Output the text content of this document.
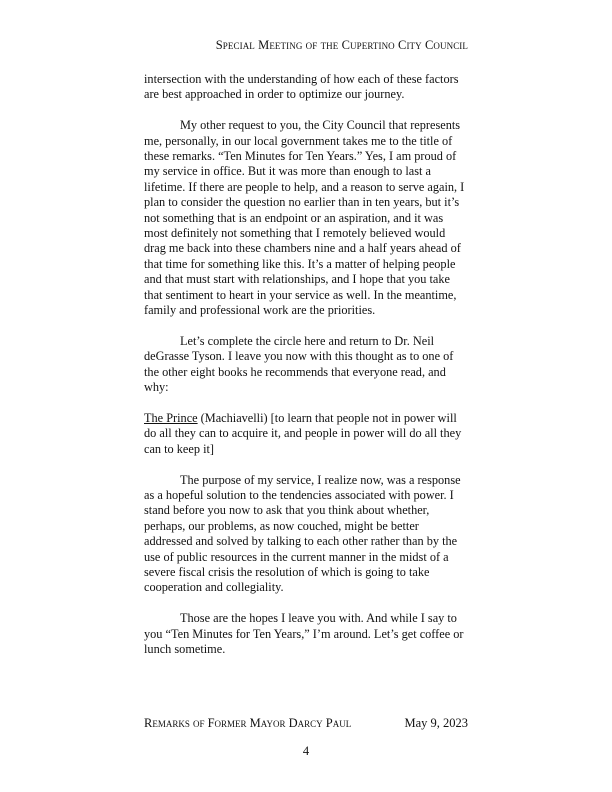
Special Meeting of the Cupertino City Council

intersection with the understanding of how each of these factors are best approached in order to optimize our journey.

My other request to you, the City Council that represents me, personally, in our local government takes me to the title of these remarks. “Ten Minutes for Ten Years.” Yes, I am proud of my service in office. But it was more than enough to last a lifetime. If there are people to help, and a reason to serve again, I plan to consider the question no earlier than in ten years, but it’s not something that is an endpoint or an aspiration, and it was most definitely not something that I remotely believed would drag me back into these chambers nine and a half years ahead of that time for something like this. It’s a matter of helping people and that must start with relationships, and I hope that you take that sentiment to heart in your service as well. In the meantime, family and professional work are the priorities.

Let’s complete the circle here and return to Dr. Neil deGrasse Tyson. I leave you now with this thought as to one of the other eight books he recommends that everyone read, and why:

The Prince (Machiavelli) [to learn that people not in power will do all they can to acquire it, and people in power will do all they can to keep it]

The purpose of my service, I realize now, was a response as a hopeful solution to the tendencies associated with power. I stand before you now to ask that you think about whether, perhaps, our problems, as now couched, might be better addressed and solved by talking to each other rather than by the use of public resources in the current manner in the midst of a severe fiscal crisis the resolution of which is going to take cooperation and collegiality.

Those are the hopes I leave you with. And while I say to you “Ten Minutes for Ten Years,” I’m around. Let’s get coffee or lunch sometime.

Remarks of Former Mayor Darcy Paul	May 9, 2023
4
